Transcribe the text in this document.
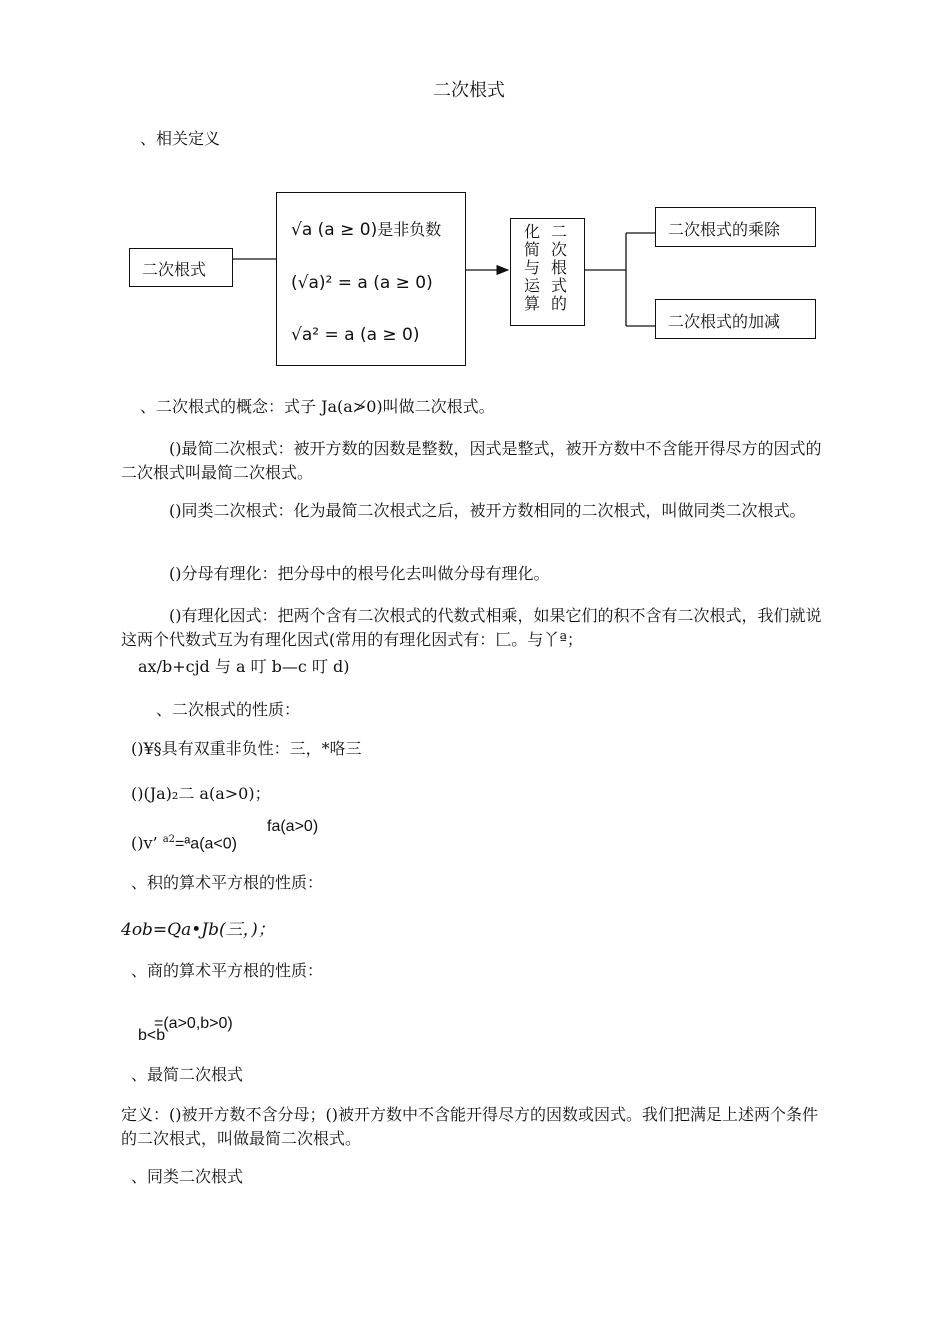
二次根式
、相关定义
二次根式
√a (a ≥ 0)是非负数
(√a)² = a (a ≥ 0)
√a² = a (a ≥ 0)
化简与运算
二次根式的
二次根式的乘除
二次根式的加减
、二次根式的概念：式子 Ja(a≯0)叫做二次根式。
()最简二次根式：被开方数的因数是整数，因式是整式，被开方数中不含能开得尽方的因式的二次根式叫最简二次根式。
()同类二次根式：化为最简二次根式之后，被开方数相同的二次根式，叫做同类二次根式。
()分母有理化：把分母中的根号化去叫做分母有理化。
()有理化因式：把两个含有二次根式的代数式相乘，如果它们的积不含有二次根式，我们就说这两个代数式互为有理化因式(常用的有理化因式有：匚。与丫ª；
ax/b+cjd 与 a 叮 b—c 叮 d)
、二次根式的性质：
()¥§具有双重非负性：三，*咯三
()(Ja)₂二 a(a>0)；
fa(a>0)
()v’ $^{a2}$=ªa(a<0)
、积的算术平方根的性质：
4ob=Qa•Jb(三，)；
、商的算术平方根的性质：
=(a>0,b>0)
b<b
、最简二次根式
定义：()被开方数不含分母；()被开方数中不含能开得尽方的因数或因式。我们把满足上述两个条件的二次根式，叫做最简二次根式。
、同类二次根式
